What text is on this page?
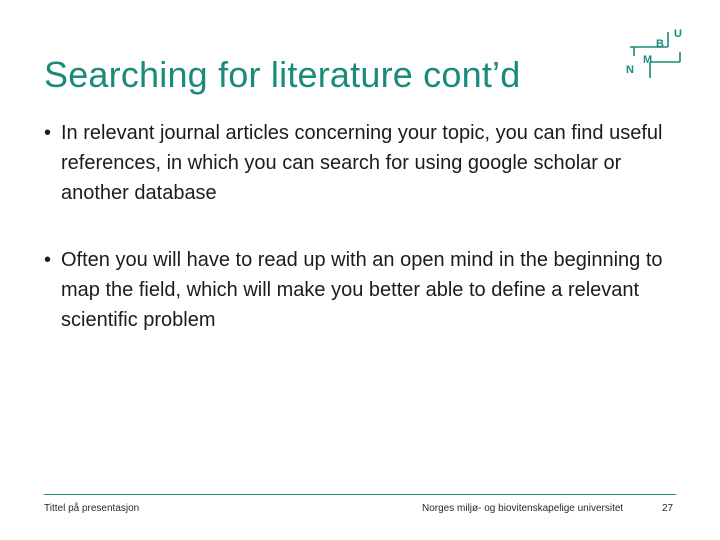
Searching for literature cont’d	N
M
B
U
• In relevant journal articles concerning your topic, you can find useful references, in which you can search for using google scholar or another database
• Often you will have to read up with an open mind in the beginning to map the field, which will make you better able to define a relevant scientific problem
Tittel på presentasjon	Norges miljø- og biovitenskapelige universitet	27
